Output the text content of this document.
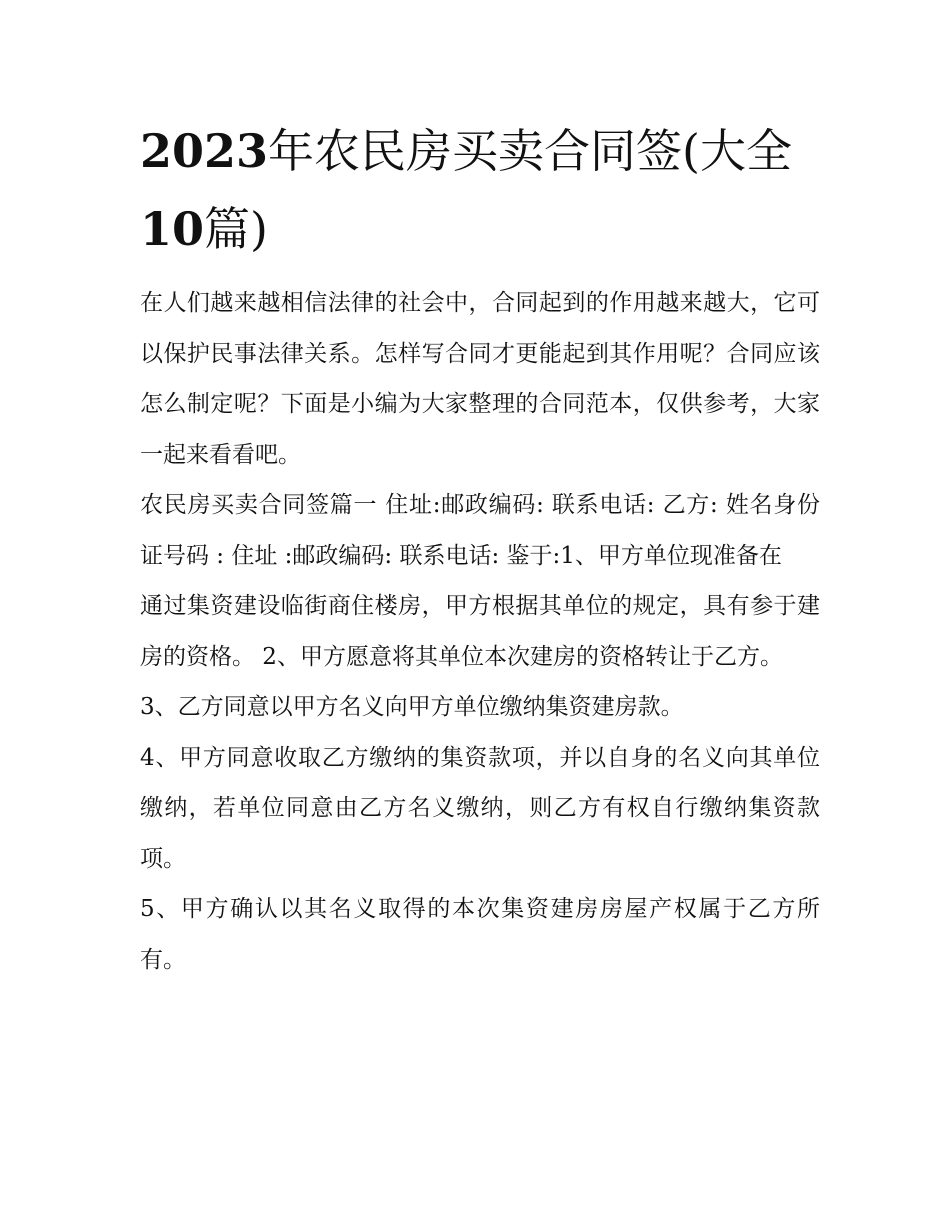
2023年农民房买卖合同签(大全10篇)

在人们越来越相信法律的社会中，合同起到的作用越来越大，它可以保护民事法律关系。怎样写合同才更能起到其作用呢？合同应该怎么制定呢？下面是小编为大家整理的合同范本，仅供参考，大家一起来看看吧。

农民房买卖合同签篇一 住址:邮政编码: 联系电话: 乙方: 姓名身份证号码 : 住址 :邮政编码: 联系电话: 鉴于:1、甲方单位现准备在

通过集资建设临街商住楼房，甲方根据其单位的规定，具有参于建房的资格。 2、甲方愿意将其单位本次建房的资格转让于乙方。

3、乙方同意以甲方名义向甲方单位缴纳集资建房款。

4、甲方同意收取乙方缴纳的集资款项，并以自身的名义向其单位缴纳，若单位同意由乙方名义缴纳，则乙方有权自行缴纳集资款项。

5、甲方确认以其名义取得的本次集资建房房屋产权属于乙方所有。
